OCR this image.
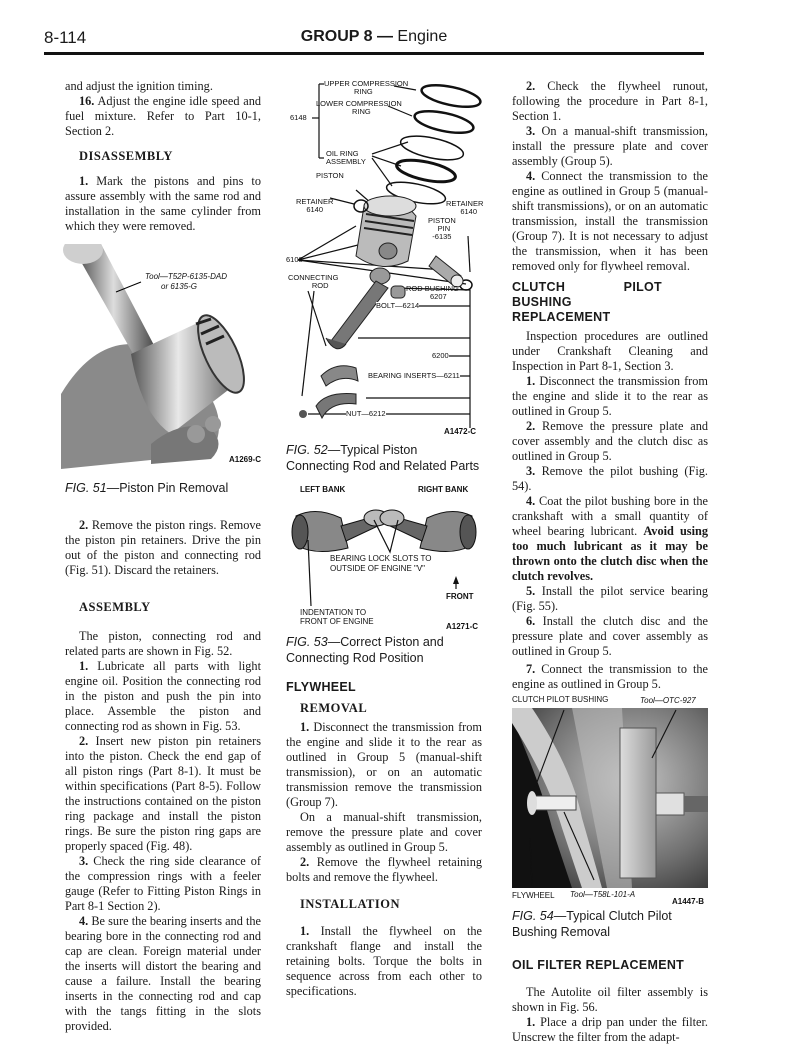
8-114	GROUP 8 — Engine

and adjust the ignition timing.

16. Adjust the engine idle speed and fuel mixture. Refer to Part 10-1, Section 2.

DISASSEMBLY

1. Mark the pistons and pins to assure assembly with the same rod and installation in the same cylinder from which they were removed.

Tool—T52P-6135-DAD
or 6135-G
A1269-C
FIG. 51—Piston Pin Removal

2. Remove the piston rings. Remove the piston pin retainers. Drive the pin out of the piston and connecting rod (Fig. 51). Discard the retainers.

ASSEMBLY

The piston, connecting rod and related parts are shown in Fig. 52.

1. Lubricate all parts with light engine oil. Position the connecting rod in the piston and push the pin into place. Assemble the piston and connecting rod as shown in Fig. 53.

2. Insert new piston pin retainers into the piston. Check the end gap of all piston rings (Part 8-1). It must be within specifications (Part 8-5). Follow the instructions contained on the piston ring package and install the piston rings. Be sure the piston ring gaps are properly spaced (Fig. 48).

3. Check the ring side clearance of the compression rings with a feeler gauge (Refer to Fitting Piston Rings in Part 8-1 Section 2).

4. Be sure the bearing inserts and the bearing bore in the connecting rod and cap are clean. Foreign material under the inserts will distort the bearing and cause a failure. Install the bearing inserts in the connecting rod and cap with the tangs fitting in the slots provided.

UPPER COMPRESSION
RING
LOWER COMPRESSION
RING
6148
OIL RING
ASSEMBLY
PISTON
RETAINER
6140
RETAINER
6140
PISTON
PIN
-6135
6108
CONNECTING
ROD	ROD BUSHING
6207
BOLT—6214
6200
BEARING INSERTS—6211
NUT—6212
A1472-C
FIG. 52—Typical Piston Connecting Rod and Related Parts
LEFT BANK	RIGHT BANK
BEARING LOCK SLOTS TO
OUTSIDE OF ENGINE "V"
FRONT
INDENTATION TO
FRONT OF ENGINE
A1271-C
FIG. 53—Correct Piston and Connecting Rod Position
FLYWHEEL
REMOVAL

1. Disconnect the transmission from the engine and slide it to the rear as outlined in Group 5 (manual-shift transmission), or on an automatic transmission remove the transmission (Group 7).

On a manual-shift transmission, remove the pressure plate and cover assembly as outlined in Group 5.

2. Remove the flywheel retaining bolts and remove the flywheel.

INSTALLATION

1. Install the flywheel on the crankshaft flange and install the retaining bolts. Torque the bolts in sequence across from each other to specifications.

2. Check the flywheel runout, following the procedure in Part 8-1, Section 1.

3. On a manual-shift transmission, install the pressure plate and cover assembly (Group 5).

4. Connect the transmission to the engine as outlined in Group 5 (manual-shift transmissions), or on an automatic transmission, install the transmission (Group 7). It is not necessary to adjust the transmission, when it has been removed only for flywheel removal.

CLUTCH PILOT BUSHING REPLACEMENT

Inspection procedures are outlined under Crankshaft Cleaning and Inspection in Part 8-1, Section 3.

1. Disconnect the transmission from the engine and slide it to the rear as outlined in Group 5.

2. Remove the pressure plate and cover assembly and the clutch disc as outlined in Group 5.

3. Remove the pilot bushing (Fig. 54).

4. Coat the pilot bushing bore in the crankshaft with a small quantity of wheel bearing lubricant. Avoid using too much lubricant as it may be thrown onto the clutch disc when the clutch revolves.

5. Install the pilot service bearing (Fig. 55).

6. Install the clutch disc and the pressure plate and cover assembly as outlined in Group 5.

7. Connect the transmission to the engine as outlined in Group 5.

CLUTCH PILOT BUSHING	Tool—OTC-927
FLYWHEEL Tool—T58L-101-A
A1447-B
FIG. 54—Typical Clutch Pilot Bushing Removal
OIL FILTER REPLACEMENT

The Autolite oil filter assembly is shown in Fig. 56.

1. Place a drip pan under the filter. Unscrew the filter from the adapt-
